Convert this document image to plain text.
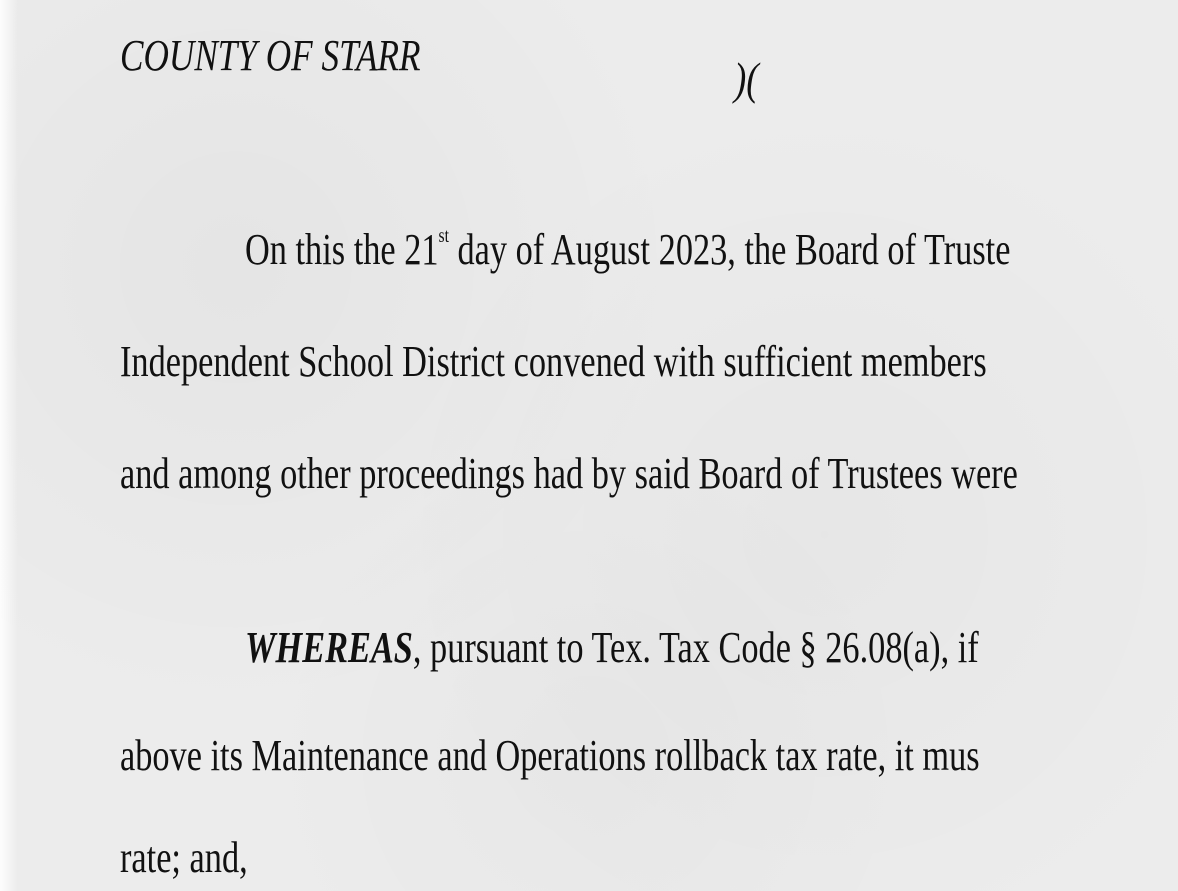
COUNTY OF STARR	)(
On this the 21st day of August 2023, the Board of Truste
Independent School District convened with sufficient members
and among other proceedings had by said Board of Trustees were
WHEREAS, pursuant to Tex. Tax Code § 26.08(a), if
above its Maintenance and Operations rollback tax rate, it mus
rate; and,
